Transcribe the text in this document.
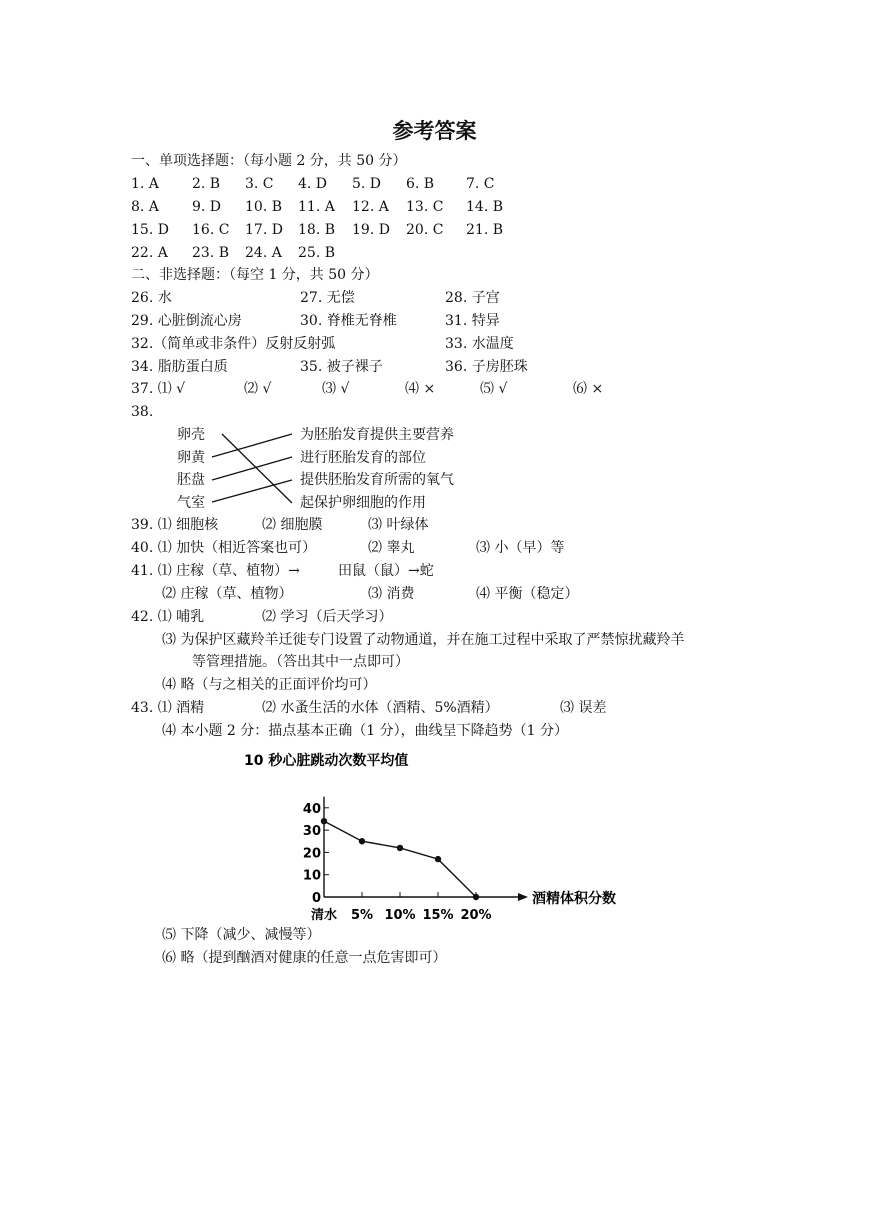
参考答案
一、单项选择题：（每小题 2 分，共 50 分）
1. A 2. B 3. C 4. D 5. D 6. B 7. C
8. A 9. D 10. B 11. A 12. A 13. C 14. B
15. D 16. C 17. D 18. B 19. D 20. C 21. B
22. A 23. B 24. A 25. B
二、非选择题：（每空 1 分，共 50 分）
26. 水	27. 无偿	28. 子宫
29. 心脏倒流心房	30. 脊椎无脊椎	31. 特异
32.（简单或非条件）反射反射弧	33. 水温度
34. 脂肪蛋白质	35. 被子裸子	36. 子房胚珠
37. ⑴ √	⑵ √	⑶ √	⑷ ×	⑸ √	⑹ ×
38.
卵壳
卵黄
胚盘
气室
为胚胎发育提供主要营养
进行胚胎发育的部位
提供胚胎发育所需的氧气
起保护卵细胞的作用
39. ⑴ 细胞核	⑵ 细胞膜	⑶ 叶绿体
40. ⑴ 加快（相近答案也可）	⑵ 睾丸	⑶ 小（早）等
41. ⑴ 庄稼（草、植物）→	田鼠（鼠）→蛇
⑵ 庄稼（草、植物）	⑶ 消费	⑷ 平衡（稳定）
42. ⑴ 哺乳	⑵ 学习（后天学习）
⑶ 为保护区藏羚羊迁徙专门设置了动物通道，并在施工过程中采取了严禁惊扰藏羚羊
等管理措施。（答出其中一点即可）
⑷ 略（与之相关的正面评价均可）
43. ⑴ 酒精	⑵ 水蚤生活的水体（酒精、5%酒精）	⑶ 误差
⑷ 本小题 2 分：描点基本正确（1 分），曲线呈下降趋势（1 分）
10 秒心脏跳动次数平均值
0
10
20
30
40
清水 5% 10% 15% 20%
酒精体积分数
⑸ 下降（减少、减慢等）
⑹ 略（提到酗酒对健康的任意一点危害即可）
